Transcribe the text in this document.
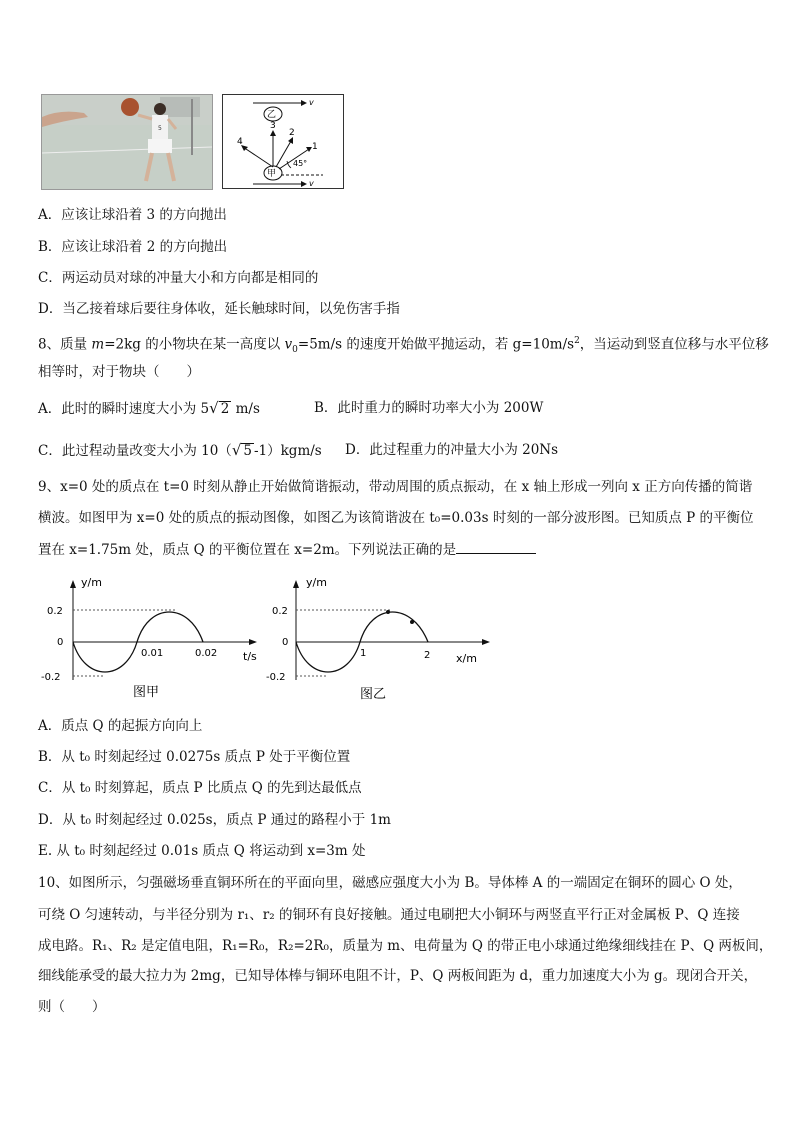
5
v
乙
甲
v
4
3
2
1
45°
A．应该让球沿着 3 的方向抛出
B．应该让球沿着 2 的方向抛出
C．两运动员对球的冲量大小和方向都是相同的
D．当乙接着球后要往身体收，延长触球时间，以免伤害手指
8、质量 m=2kg 的小物块在某一高度以 $v_0=5m/s$ 的速度开始做平抛运动，若 $g=10m/s^2$，当运动到竖直位移与水平位移
相等时，对于物块（　　）
A．此时的瞬时速度大小为 5√ 2 m/s	B．此时重力的瞬时功率大小为 200W
C．此过程动量改变大小为 10（√ 5 -1）kgm/s D．此过程重力的冲量大小为 20Ns
9、x=0 处的质点在 t=0 时刻从静止开始做简谐振动，带动周围的质点振动，在 x 轴上形成一列向 x 正方向传播的简谐
横波。如图甲为 x=0 处的质点的振动图像，如图乙为该简谐波在 t₀=0.03s 时刻的一部分波形图。已知质点 P 的平衡位
置在 x=1.75m 处，质点 Q 的平衡位置在 x=2m。下列说法正确的是
y/m
t/s
0.2
0
-0.2
0.01	0.02
图甲
y/m
x/m
0.2
0
-0.2
1	2
图乙
A．质点 Q 的起振方向向上
B．从 t₀ 时刻起经过 0.0275s 质点 P 处于平衡位置
C．从 t₀ 时刻算起，质点 P 比质点 Q 的先到达最低点
D．从 t₀ 时刻起经过 0.025s，质点 P 通过的路程小于 1m
E. 从 t₀ 时刻起经过 0.01s 质点 Q 将运动到 x=3m 处
10、如图所示，匀强磁场垂直铜环所在的平面向里，磁感应强度大小为 B。导体棒 A 的一端固定在铜环的圆心 O 处，
可绕 O 匀速转动，与半径分别为 r₁、r₂ 的铜环有良好接触。通过电刷把大小铜环与两竖直平行正对金属板 P、Q 连接
成电路。R₁、R₂ 是定值电阻，R₁=R₀，R₂=2R₀，质量为 m、电荷量为 Q 的带正电小球通过绝缘细线挂在 P、Q 两板间，
细线能承受的最大拉力为 2mg，已知导体棒与铜环电阻不计，P、Q 两板间距为 d，重力加速度大小为 g。现闭合开关，
则（　　）
